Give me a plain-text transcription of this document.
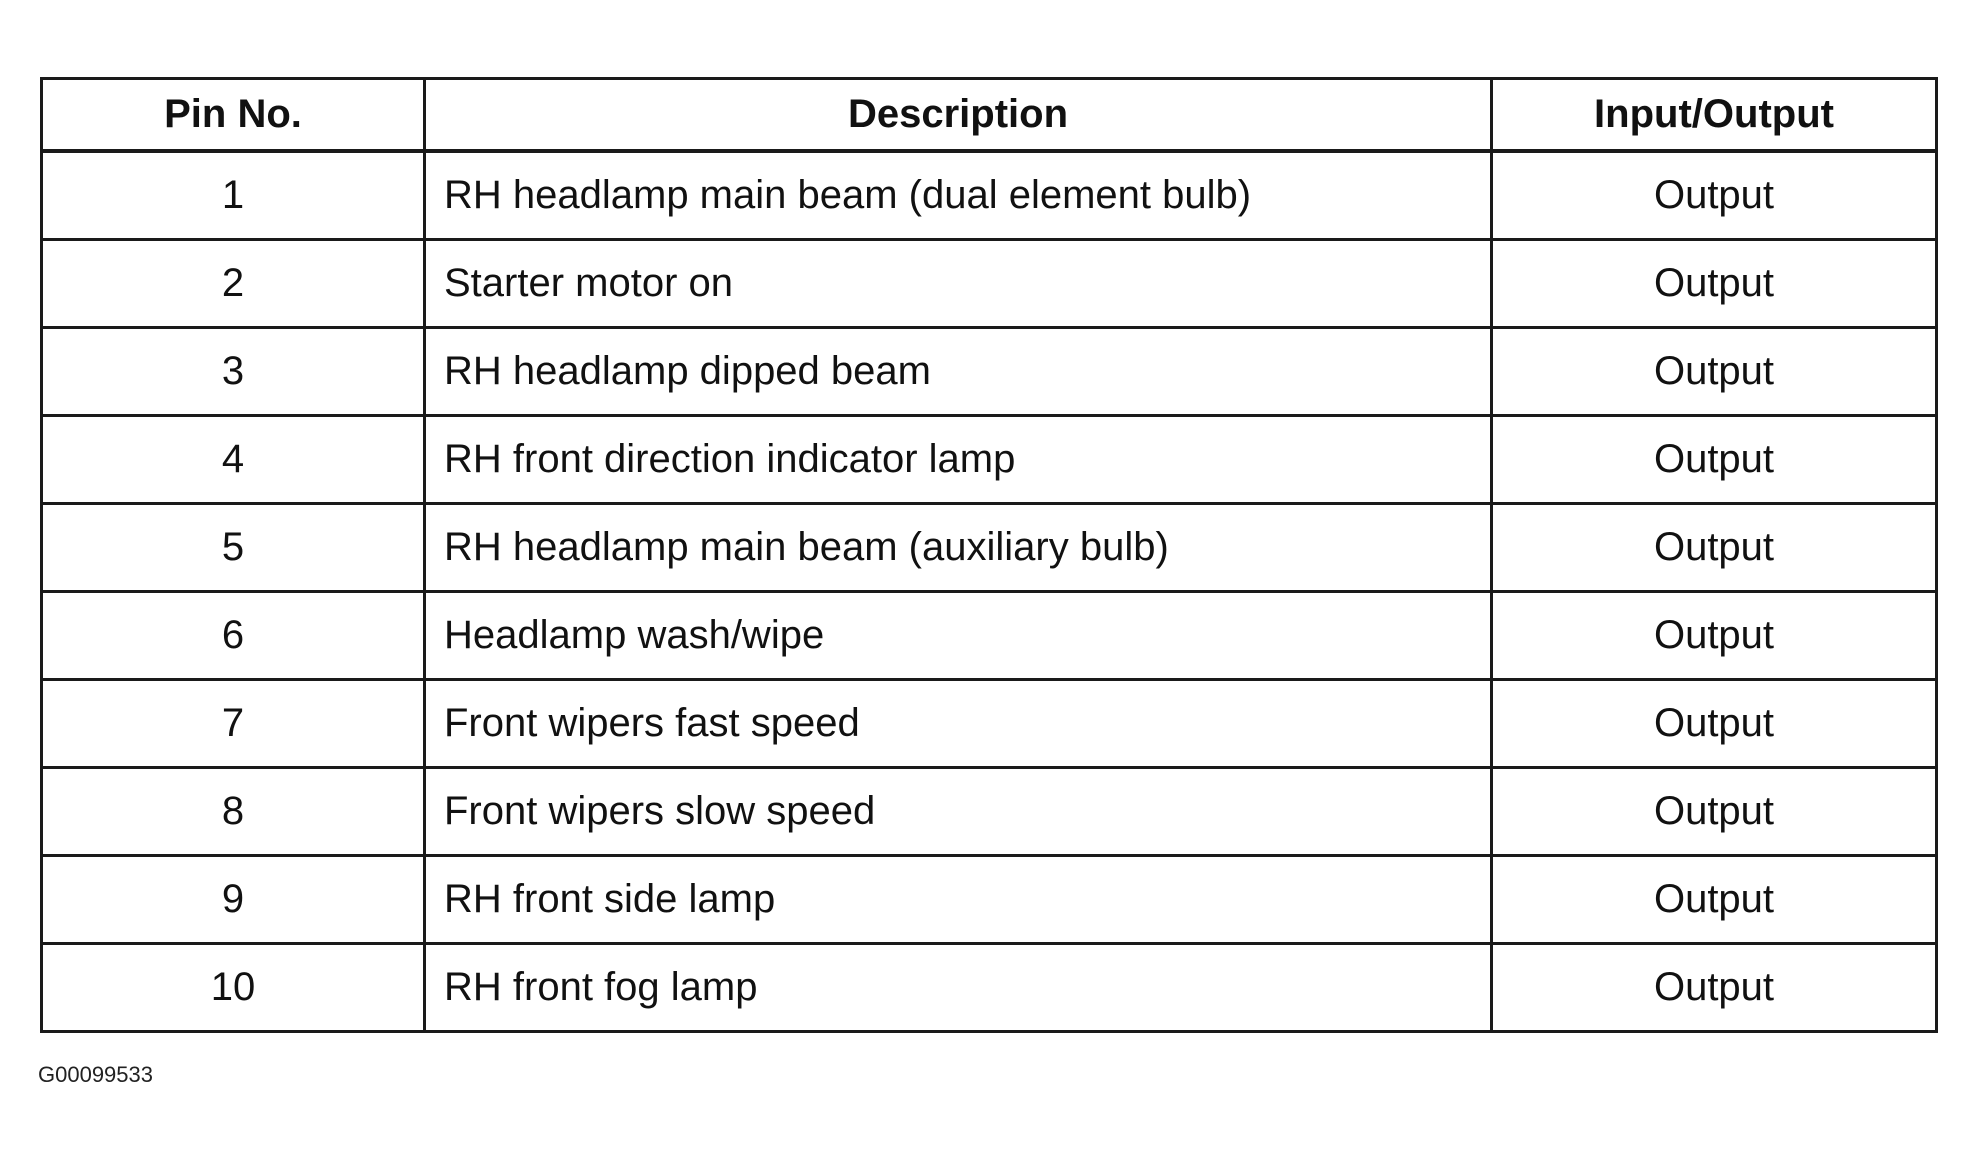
Pin No.	Description	Input/Output
1	RH headlamp main beam (dual element bulb)	Output
2	Starter motor on	Output
3	RH headlamp dipped beam	Output
4	RH front direction indicator lamp	Output
5	RH headlamp main beam (auxiliary bulb)	Output
6	Headlamp wash/wipe	Output
7	Front wipers fast speed	Output
8	Front wipers slow speed	Output
9	RH front side lamp	Output
10	RH front fog lamp	Output
G00099533
